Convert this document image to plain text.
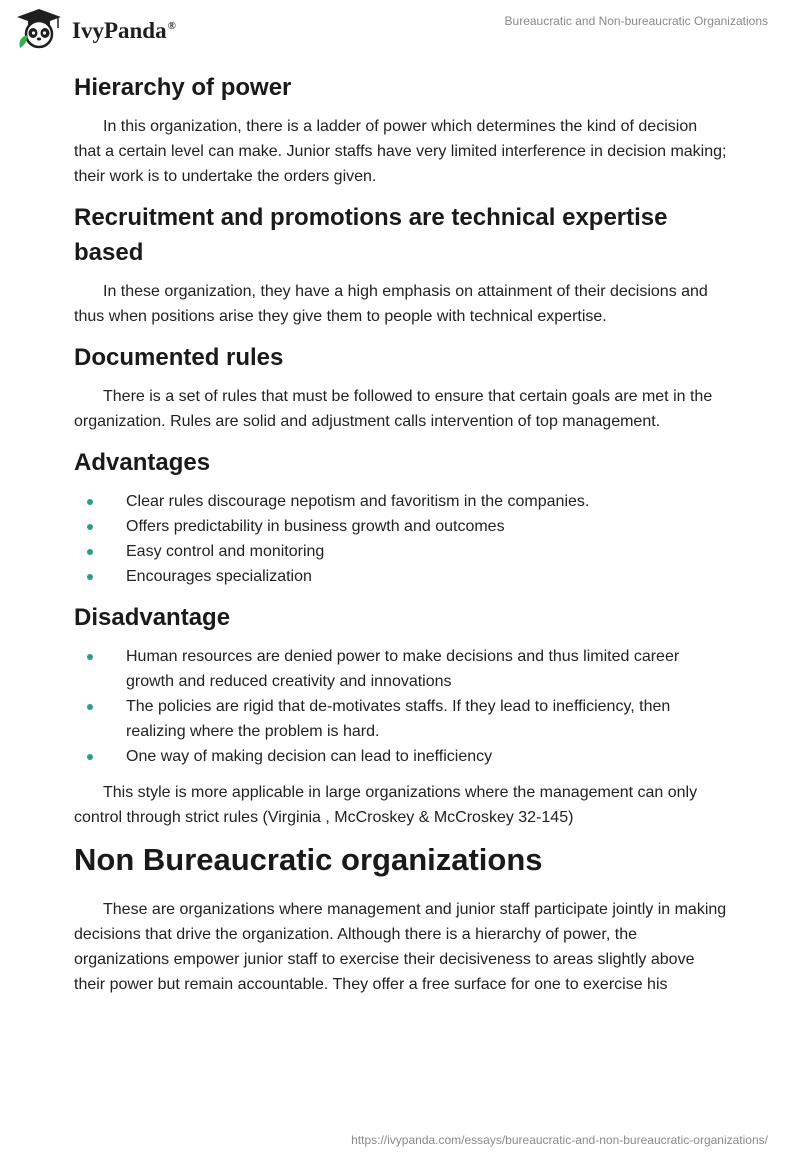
IvyPanda®	Bureaucratic and Non-bureaucratic Organizations
Hierarchy of power

In this organization, there is a ladder of power which determines the kind of decision that a certain level can make. Junior staffs have very limited interference in decision making; their work is to undertake the orders given.

Recruitment and promotions are technical expertise based

In these organization, they have a high emphasis on attainment of their decisions and thus when positions arise they give them to people with technical expertise.

Documented rules

There is a set of rules that must be followed to ensure that certain goals are met in the organization. Rules are solid and adjustment calls intervention of top management.

Advantages
Clear rules discourage nepotism and favoritism in the companies.
Offers predictability in business growth and outcomes
Easy control and monitoring
Encourages specialization
Disadvantage
Human resources are denied power to make decisions and thus limited career growth and reduced creativity and innovations
The policies are rigid that de-motivates staffs. If they lead to inefficiency, then realizing where the problem is hard.
One way of making decision can lead to inefficiency

This style is more applicable in large organizations where the management can only control through strict rules (Virginia , McCroskey & McCroskey 32-145)

Non Bureaucratic organizations

These are organizations where management and junior staff participate jointly in making decisions that drive the organization. Although there is a hierarchy of power, the organizations empower junior staff to exercise their decisiveness to areas slightly above their power but remain accountable. They offer a free surface for one to exercise his

https://ivypanda.com/essays/bureaucratic-and-non-bureaucratic-organizations/
